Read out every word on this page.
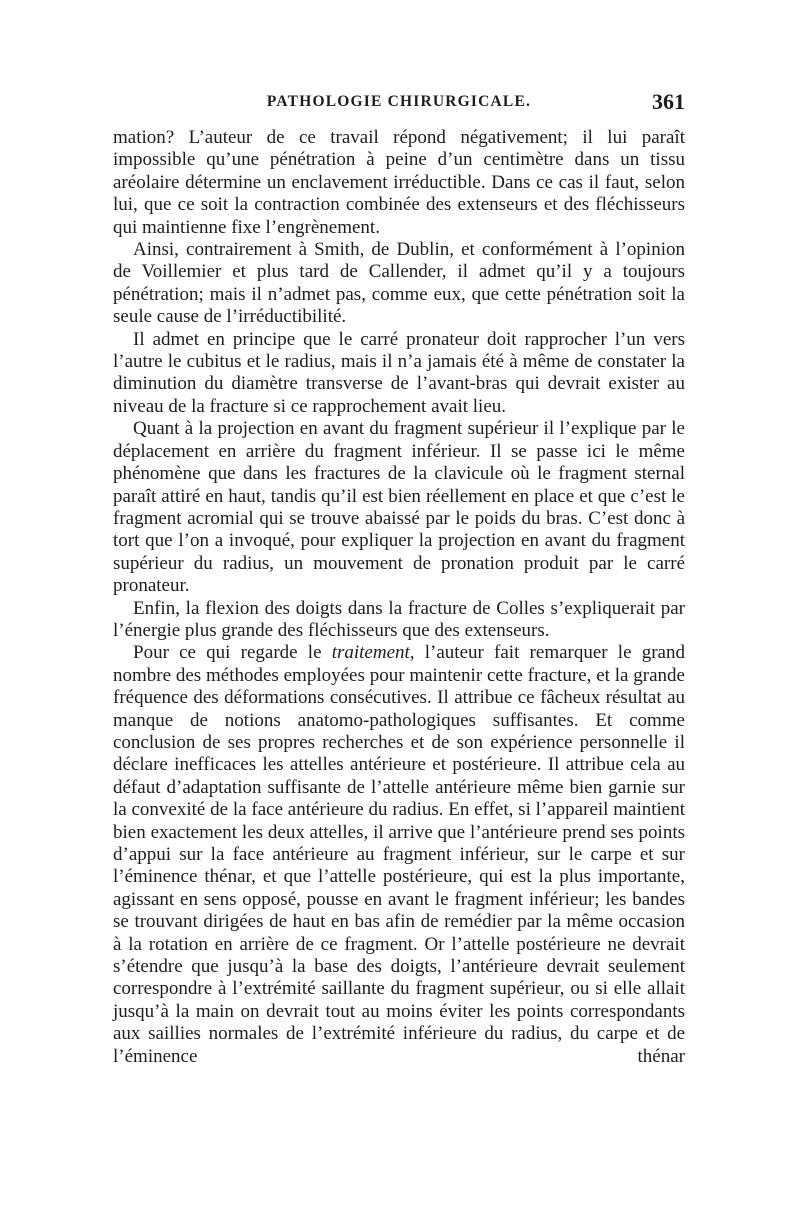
PATHOLOGIE CHIRURGICALE.	361

mation? L’auteur de ce travail répond négativement; il lui paraît impossible qu’une pénétration à peine d’un centimètre dans un tissu aréolaire détermine un enclavement irréductible. Dans ce cas il faut, selon lui, que ce soit la contraction combinée des extenseurs et des fléchisseurs qui maintienne fixe l’engrènement.

Ainsi, contrairement à Smith, de Dublin, et conformément à l’opinion de Voillemier et plus tard de Callender, il admet qu’il y a toujours pénétration; mais il n’admet pas, comme eux, que cette pénétration soit la seule cause de l’irréductibilité.

Il admet en principe que le carré pronateur doit rapprocher l’un vers l’autre le cubitus et le radius, mais il n’a jamais été à même de constater la diminution du diamètre transverse de l’avant-bras qui devrait exister au niveau de la fracture si ce rapprochement avait lieu.

Quant à la projection en avant du fragment supérieur il l’explique par le déplacement en arrière du fragment inférieur. Il se passe ici le même phénomène que dans les fractures de la clavicule où le fragment sternal paraît attiré en haut, tandis qu’il est bien réellement en place et que c’est le fragment acromial qui se trouve abaissé par le poids du bras. C’est donc à tort que l’on a invoqué, pour expliquer la projection en avant du fragment supérieur du radius, un mouvement de pronation produit par le carré pronateur.

Enfin, la flexion des doigts dans la fracture de Colles s’expliquerait par l’énergie plus grande des fléchisseurs que des extenseurs.

Pour ce qui regarde le traitement, l’auteur fait remarquer le grand nombre des méthodes employées pour maintenir cette fracture, et la grande fréquence des déformations consécutives. Il attribue ce fâcheux résultat au manque de notions anatomo-pathologiques suffisantes. Et comme conclusion de ses propres recherches et de son expérience personnelle il déclare inefficaces les attelles antérieure et postérieure. Il attribue cela au défaut d’adaptation suffisante de l’attelle antérieure même bien garnie sur la convexité de la face antérieure du radius. En effet, si l’appareil maintient bien exactement les deux attelles, il arrive que l’antérieure prend ses points d’appui sur la face antérieure au fragment inférieur, sur le carpe et sur l’éminence thénar, et que l’attelle postérieure, qui est la plus importante, agissant en sens opposé, pousse en avant le fragment inférieur; les bandes se trouvant dirigées de haut en bas afin de remédier par la même occasion à la rotation en arrière de ce fragment. Or l’attelle postérieure ne devrait s’étendre que jusqu’à la base des doigts, l’antérieure devrait seulement correspondre à l’extrémité saillante du fragment supérieur, ou si elle allait jusqu’à la main on devrait tout au moins éviter les points correspondants aux saillies normales de l’extrémité inférieure du radius, du carpe et de l’éminence thénar
